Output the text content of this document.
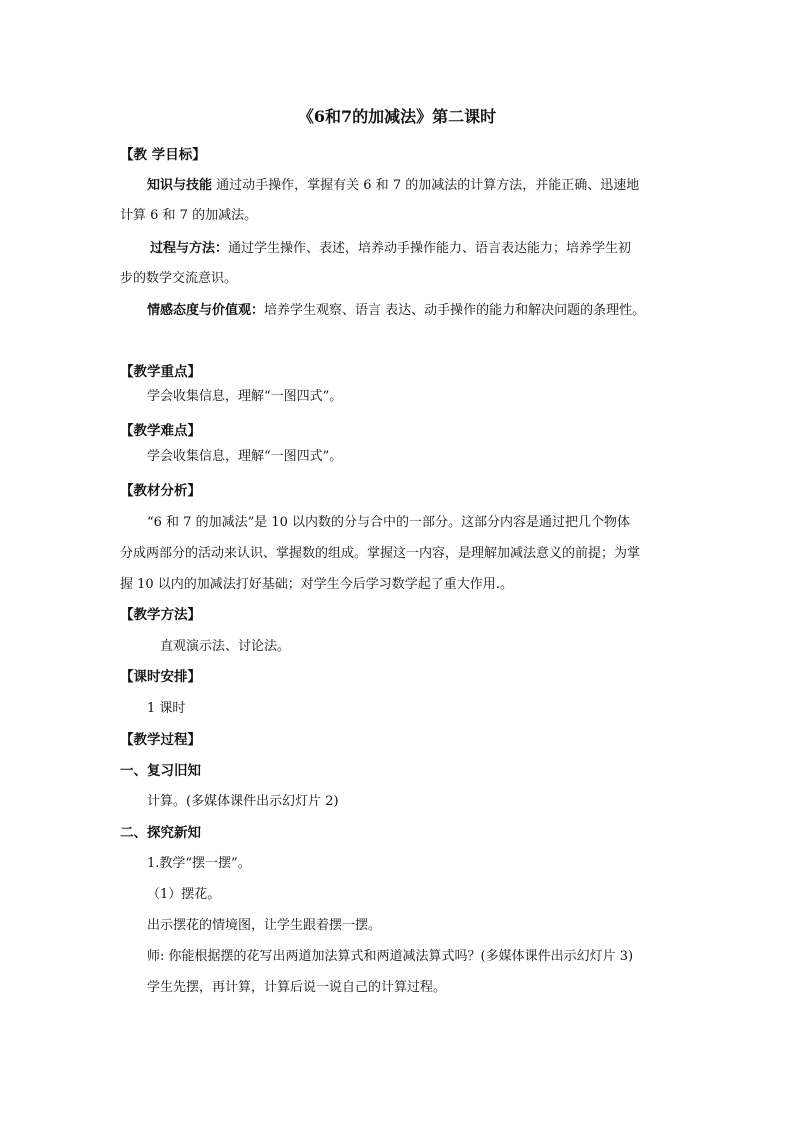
《6和7的加减法》第二课时
【教 学目标】
知识与技能 通过动手操作，掌握有关 6 和 7 的加减法的计算方法，并能正确、迅速地
计算 6 和 7 的加减法。
过程与方法：通过学生操作、表述，培养动手操作能力、语言表达能力；培养学生初
步的数学交流意识。
情感态度与价值观：培养学生观察、语言 表达、动手操作的能力和解决问题的条理性。
【教学重点】
学会收集信息，理解“一图四式”。
【教学难点】
学会收集信息，理解“一图四式”。
【教材分析】
“6 和 7 的加减法”是 10 以内数的分与合中的一部分。这部分内容是通过把几个物体
分成两部分的活动来认识、掌握数的组成。掌握这一内容，是理解加减法意义的前提；为掌
握 10 以内的加减法打好基础；对学生今后学习数学起了重大作用.。
【教学方法】
直观演示法、讨论法。
【课时安排】
1 课时
【教学过程】
一、复习旧知
计算。(多媒体课件出示幻灯片 2)
二、探究新知
1.教学“摆一摆”。
（1）摆花。
出示摆花的情境图，让学生跟着摆一摆。
师: 你能根据摆的花写出两道加法算式和两道减法算式吗？(多媒体课件出示幻灯片 3)
学生先摆，再计算，计算后说一说自己的计算过程。
